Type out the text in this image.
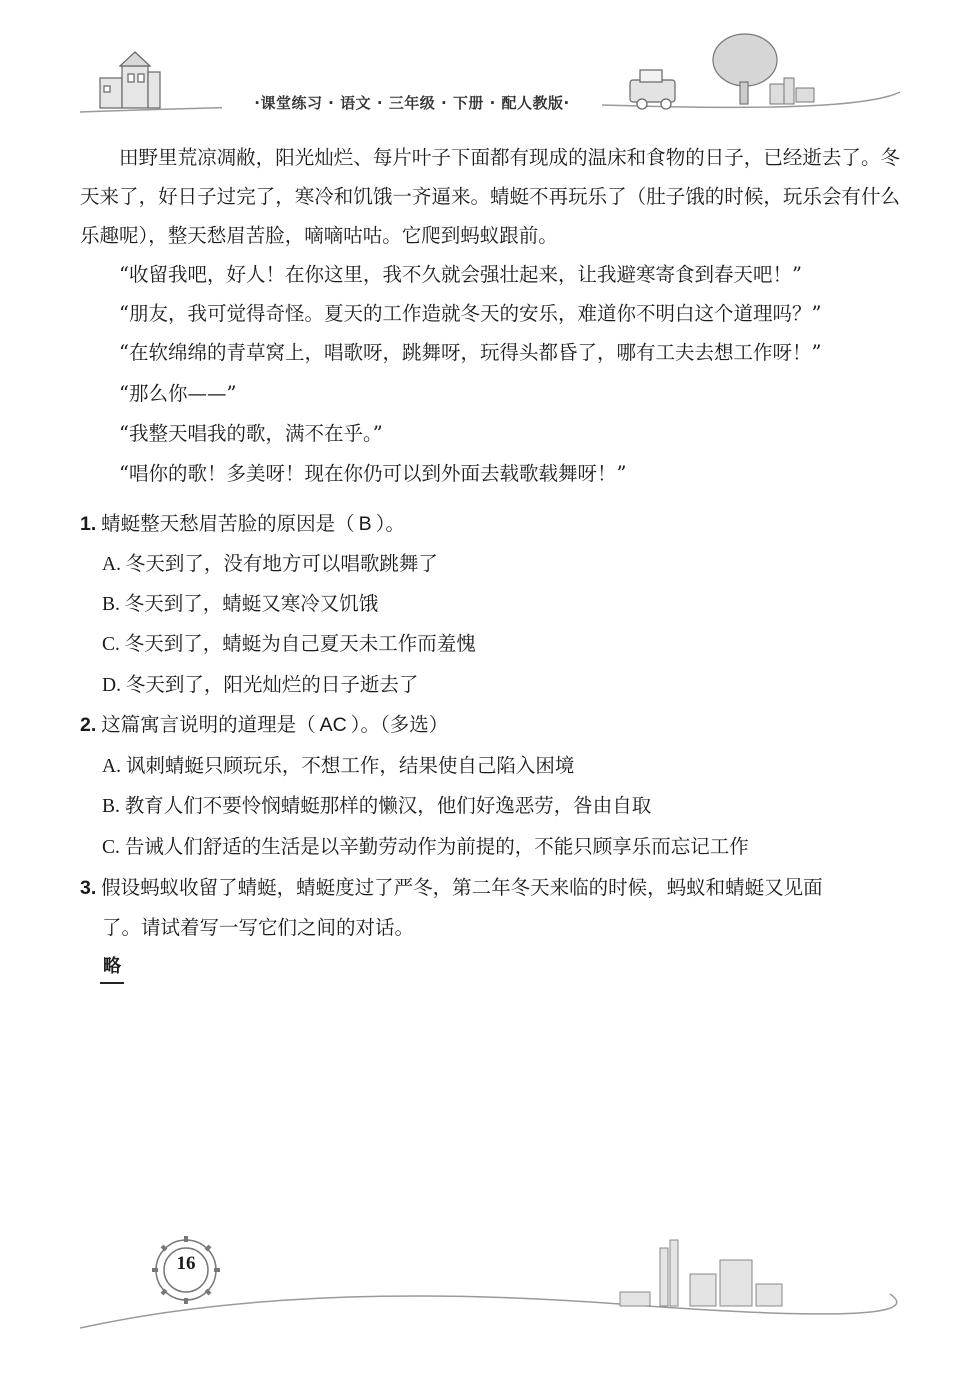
·课堂练习 · 语文 · 三年级 · 下册 · 配人教版·
田野里荒凉凋敝，阳光灿烂、每片叶子下面都有现成的温床和食物的日子，已经逝去了。冬天来了，好日子过完了，寒冷和饥饿一齐逼来。蜻蜓不再玩乐了（肚子饿的时候，玩乐会有什么乐趣呢），整天愁眉苦脸，嘀嘀咕咕。它爬到蚂蚁跟前。
“收留我吧，好人！在你这里，我不久就会强壮起来，让我避寒寄食到春天吧！”
“朋友，我可觉得奇怪。夏天的工作造就冬天的安乐，难道你不明白这个道理吗？”
“在软绵绵的青草窝上，唱歌呀，跳舞呀，玩得头都昏了，哪有工夫去想工作呀！”
“那么你——”
“我整天唱我的歌，满不在乎。”
“唱你的歌！多美呀！现在你仍可以到外面去载歌载舞呀！”
1. 蜻蜓整天愁眉苦脸的原因是（ B ）。
A. 冬天到了，没有地方可以唱歌跳舞了
B. 冬天到了，蜻蜓又寒冷又饥饿
C. 冬天到了，蜻蜓为自己夏天未工作而羞愧
D. 冬天到了，阳光灿烂的日子逝去了
2. 这篇寓言说明的道理是（ AC ）。（多选）
A. 讽刺蜻蜓只顾玩乐，不想工作，结果使自己陷入困境
B. 教育人们不要怜悯蜻蜓那样的懒汉，他们好逸恶劳，咎由自取
C. 告诫人们舒适的生活是以辛勤劳动作为前提的，不能只顾享乐而忘记工作
3. 假设蚂蚁收留了蜻蜓，蜻蜓度过了严冬，第二年冬天来临的时候，蚂蚁和蜻蜓又见面
了。请试着写一写它们之间的对话。
略
16
